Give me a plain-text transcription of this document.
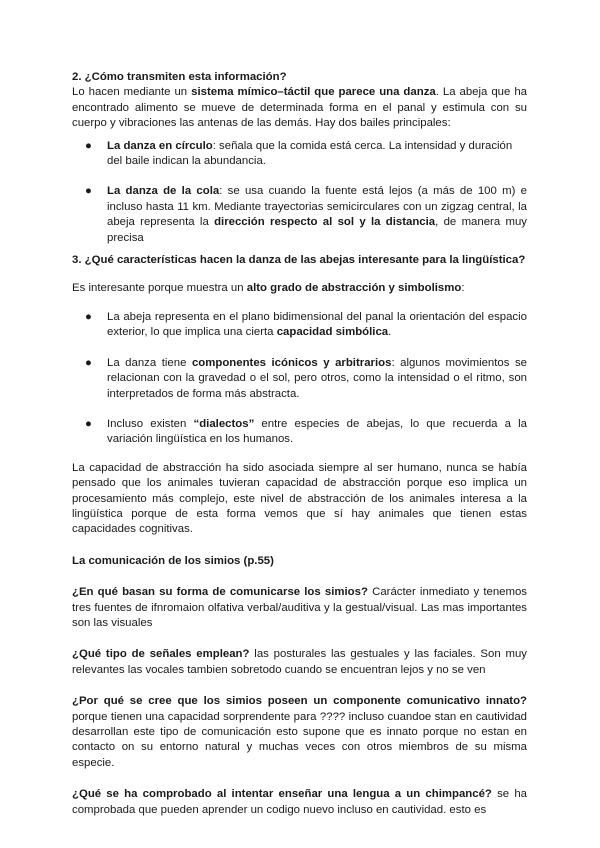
2. ¿Cómo transmiten esta información?

Lo hacen mediante un sistema mímico–táctil que parece una danza. La abeja que ha encontrado alimento se mueve de determinada forma en el panal y estimula con su cuerpo y vibraciones las antenas de las demás. Hay dos bailes principales:

●	La danza en círculo: señala que la comida está cerca. La intensidad y duración del baile indican la abundancia.
●	La danza de la cola: se usa cuando la fuente está lejos (a más de 100 m) e incluso hasta 11 km. Mediante trayectorias semicirculares con un zigzag central, la abeja representa la dirección respecto al sol y la distancia, de manera muy precisa
3. ¿Qué características hacen la danza de las abejas interesante para la lingüística?

Es interesante porque muestra un alto grado de abstracción y simbolismo:

●	La abeja representa en el plano bidimensional del panal la orientación del espacio exterior, lo que implica una cierta capacidad simbólica.
●	La danza tiene componentes icónicos y arbitrarios: algunos movimientos se relacionan con la gravedad o el sol, pero otros, como la intensidad o el ritmo, son interpretados de forma más abstracta.
●	Incluso existen “dialectos” entre especies de abejas, lo que recuerda a la variación lingüística en los humanos.

La capacidad de abstracción ha sido asociada siempre al ser humano, nunca se había pensado que los animales tuvieran capacidad de abstracción porque eso implica un procesamiento más complejo, este nivel de abstracción de los animales interesa a la lingüística porque de esta forma vemos que sí hay animales que tienen estas capacidades cognitivas.

La comunicación de los simios (p.55)

¿En qué basan su forma de comunicarse los simios? Carácter inmediato y tenemos tres fuentes de ifnromaion olfativa verbal/auditiva y la gestual/visual. Las mas importantes son las visuales

¿Qué tipo de señales emplean? las posturales las gestuales y las faciales. Son muy relevantes las vocales tambien sobretodo cuando se encuentran lejos y no se ven

¿Por qué se cree que los simios poseen un componente comunicativo innato? porque tienen una capacidad sorprendente para ???? incluso cuandoe stan en cautividad desarrollan este tipo de comunicación esto supone que es innato porque no estan en contacto on su entorno natural y muchas veces con otros miembros de su misma especie.

¿Qué se ha comprobado al intentar enseñar una lengua a un chimpancé? se ha comprobada que pueden aprender un codigo nuevo incluso en cautividad. esto es
